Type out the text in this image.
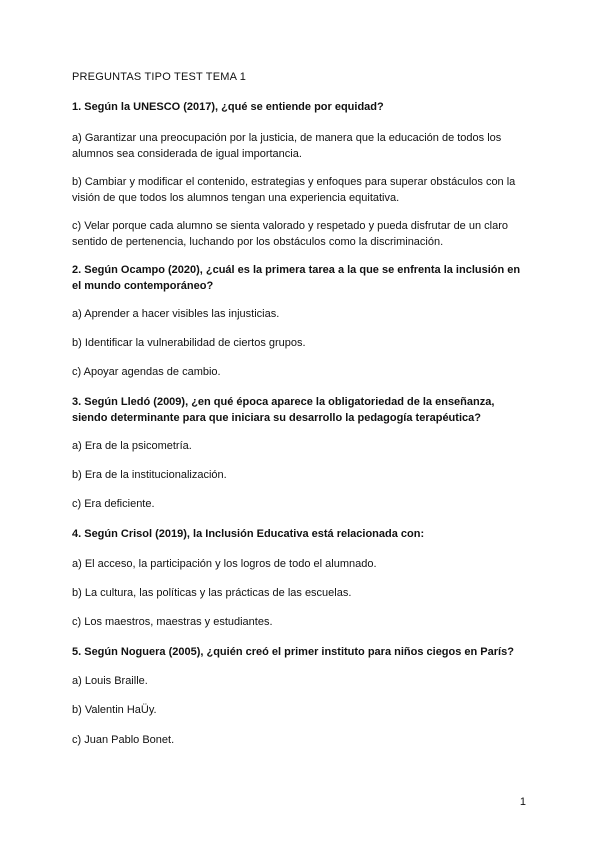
PREGUNTAS TIPO TEST TEMA 1
1. Según la UNESCO (2017), ¿qué se entiende por equidad?
a) Garantizar una preocupación por la justicia, de manera que la educación de todos los alumnos sea considerada de igual importancia.
b) Cambiar y modificar el contenido, estrategias y enfoques para superar obstáculos con la visión de que todos los alumnos tengan una experiencia equitativa.
c) Velar porque cada alumno se sienta valorado y respetado y pueda disfrutar de un claro sentido de pertenencia, luchando por los obstáculos como la discriminación.
2. Según Ocampo (2020), ¿cuál es la primera tarea a la que se enfrenta la inclusión en el mundo contemporáneo?
a) Aprender a hacer visibles las injusticias.
b) Identificar la vulnerabilidad de ciertos grupos.
c) Apoyar agendas de cambio.
3. Según Lledó (2009), ¿en qué época aparece la obligatoriedad de la enseñanza, siendo determinante para que iniciara su desarrollo la pedagogía terapéutica?
a) Era de la psicometría.
b) Era de la institucionalización.
c) Era deficiente.
4. Según Crisol (2019), la Inclusión Educativa está relacionada con:
a) El acceso, la participación y los logros de todo el alumnado.
b) La cultura, las políticas y las prácticas de las escuelas.
c) Los maestros, maestras y estudiantes.
5. Según Noguera (2005), ¿quién creó el primer instituto para niños ciegos en París?
a) Louis Braille.
b) Valentin HaÜy.
c) Juan Pablo Bonet.
1
